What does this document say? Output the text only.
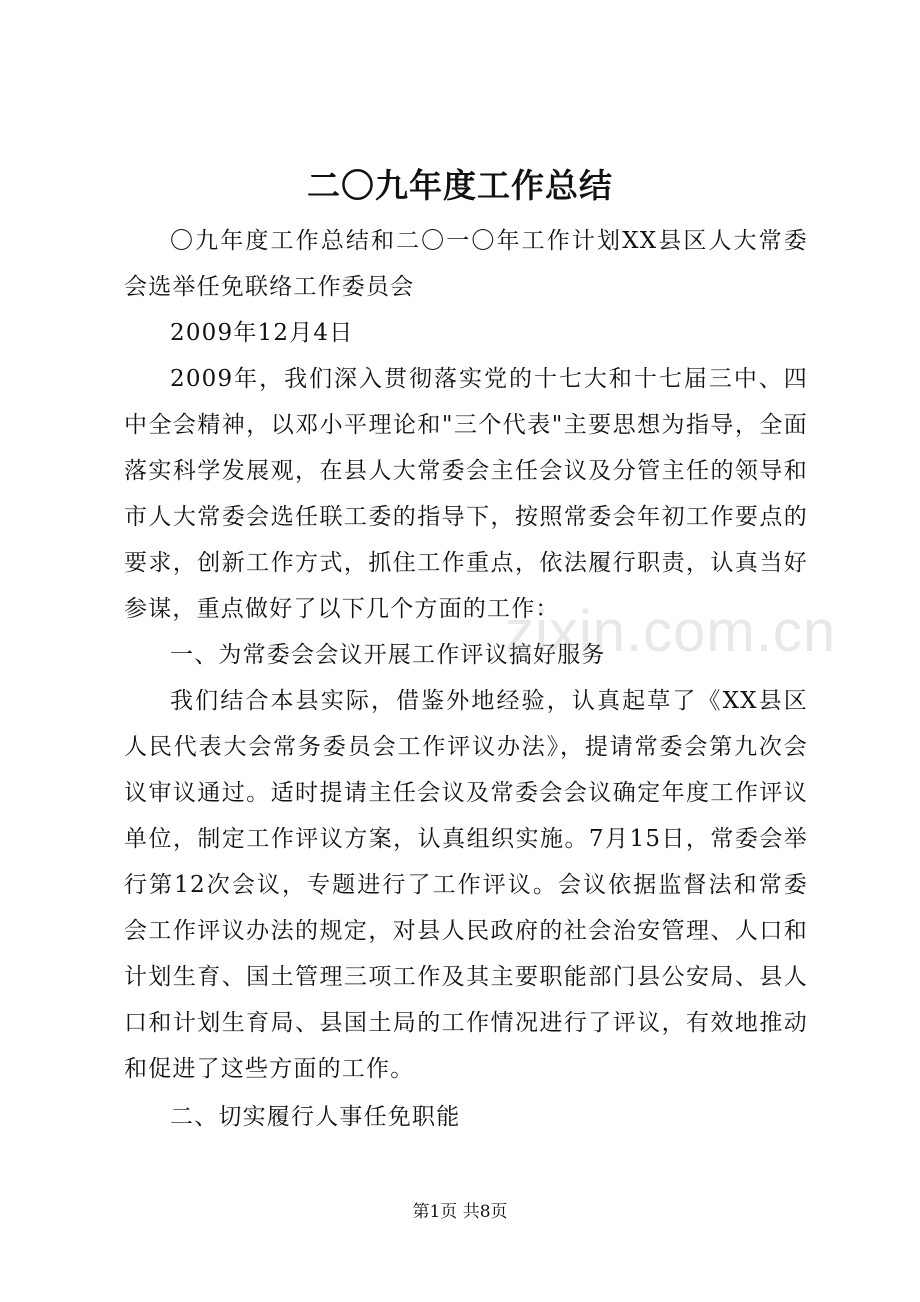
二〇九年度工作总结

〇九年度工作总结和二〇一〇年工作计划XX县区人大常委会选举任免联络工作委员会

2009年12月4日

2009年，我们深入贯彻落实党的十七大和十七届三中、四中全会精神，以邓小平理论和"三个代表"主要思想为指导，全面落实科学发展观，在县人大常委会主任会议及分管主任的领导和市人大常委会选任联工委的指导下，按照常委会年初工作要点的要求，创新工作方式，抓住工作重点，依法履行职责，认真当好参谋，重点做好了以下几个方面的工作：

一、为常委会会议开展工作评议搞好服务

我们结合本县实际，借鉴外地经验，认真起草了《XX县区人民代表大会常务委员会工作评议办法》，提请常委会第九次会议审议通过。适时提请主任会议及常委会会议确定年度工作评议单位，制定工作评议方案，认真组织实施。7月15日，常委会举行第12次会议，专题进行了工作评议。会议依据监督法和常委会工作评议办法的规定，对县人民政府的社会治安管理、人口和计划生育、国土管理三项工作及其主要职能部门县公安局、县人口和计划生育局、县国土局的工作情况进行了评议，有效地推动和促进了这些方面的工作。

二、切实履行人事任免职能

zixin.com.cn
第1页 共8页
